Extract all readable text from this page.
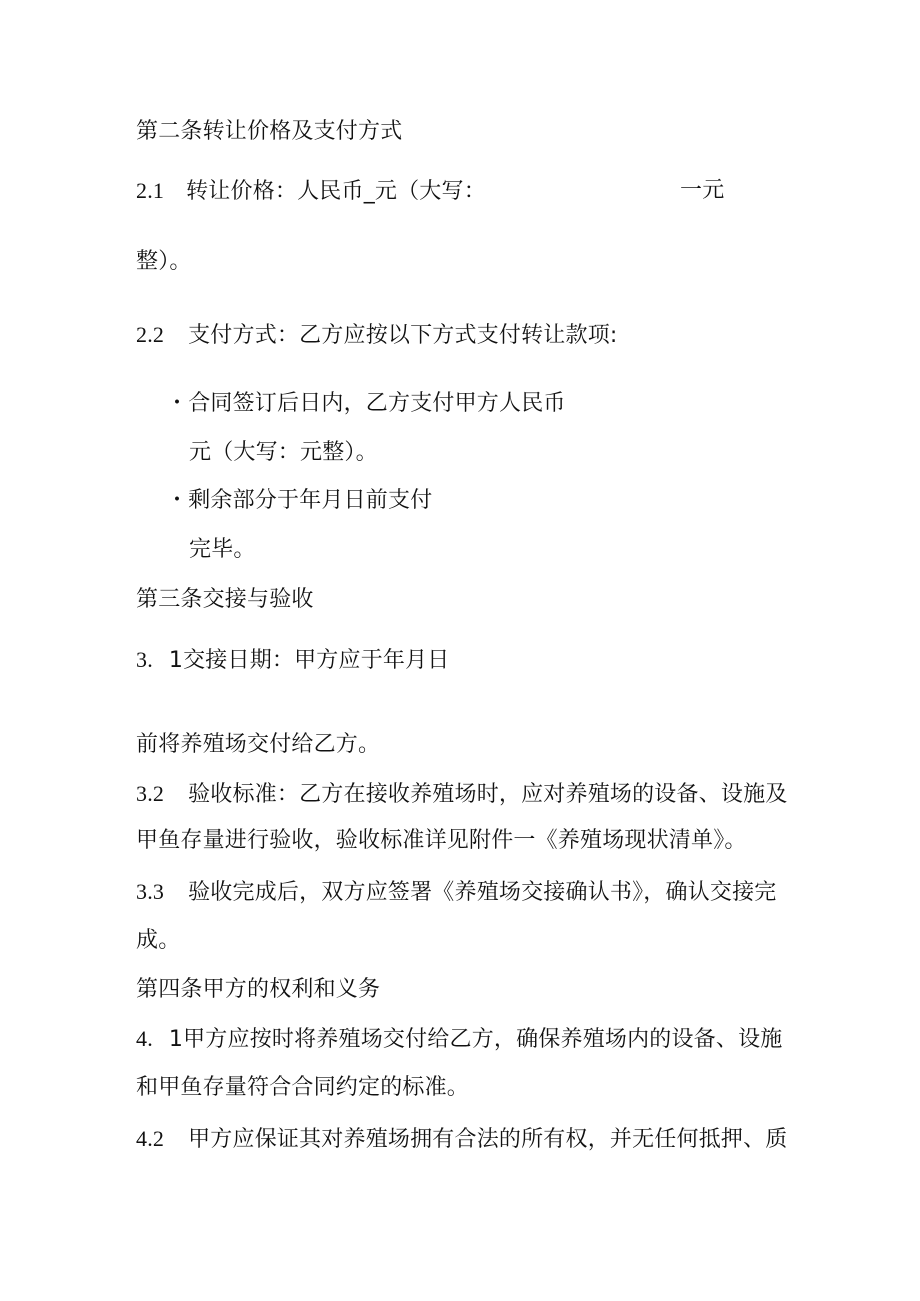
第二条转让价格及支付方式
2.1 转让价格：人民币_元（大写：	一元
整）。
2.2 支付方式：乙方应按以下方式支付转让款项:
・合同签订后日内，乙方支付甲方人民币
元（大写：元整）。
・剩余部分于年月日前支付
完毕。
第三条交接与验收
3. 1交接日期：甲方应于年月日
前将养殖场交付给乙方。
3.2 验收标准：乙方在接收养殖场时，应对养殖场的设备、设施及
甲鱼存量进行验收，验收标准详见附件一《养殖场现状清单》。
3.3 验收完成后，双方应签署《养殖场交接确认书》，确认交接完
成。
第四条甲方的权利和义务
4. 1甲方应按时将养殖场交付给乙方，确保养殖场内的设备、设施
和甲鱼存量符合合同约定的标准。
4.2 甲方应保证其对养殖场拥有合法的所有权，并无任何抵押、质
